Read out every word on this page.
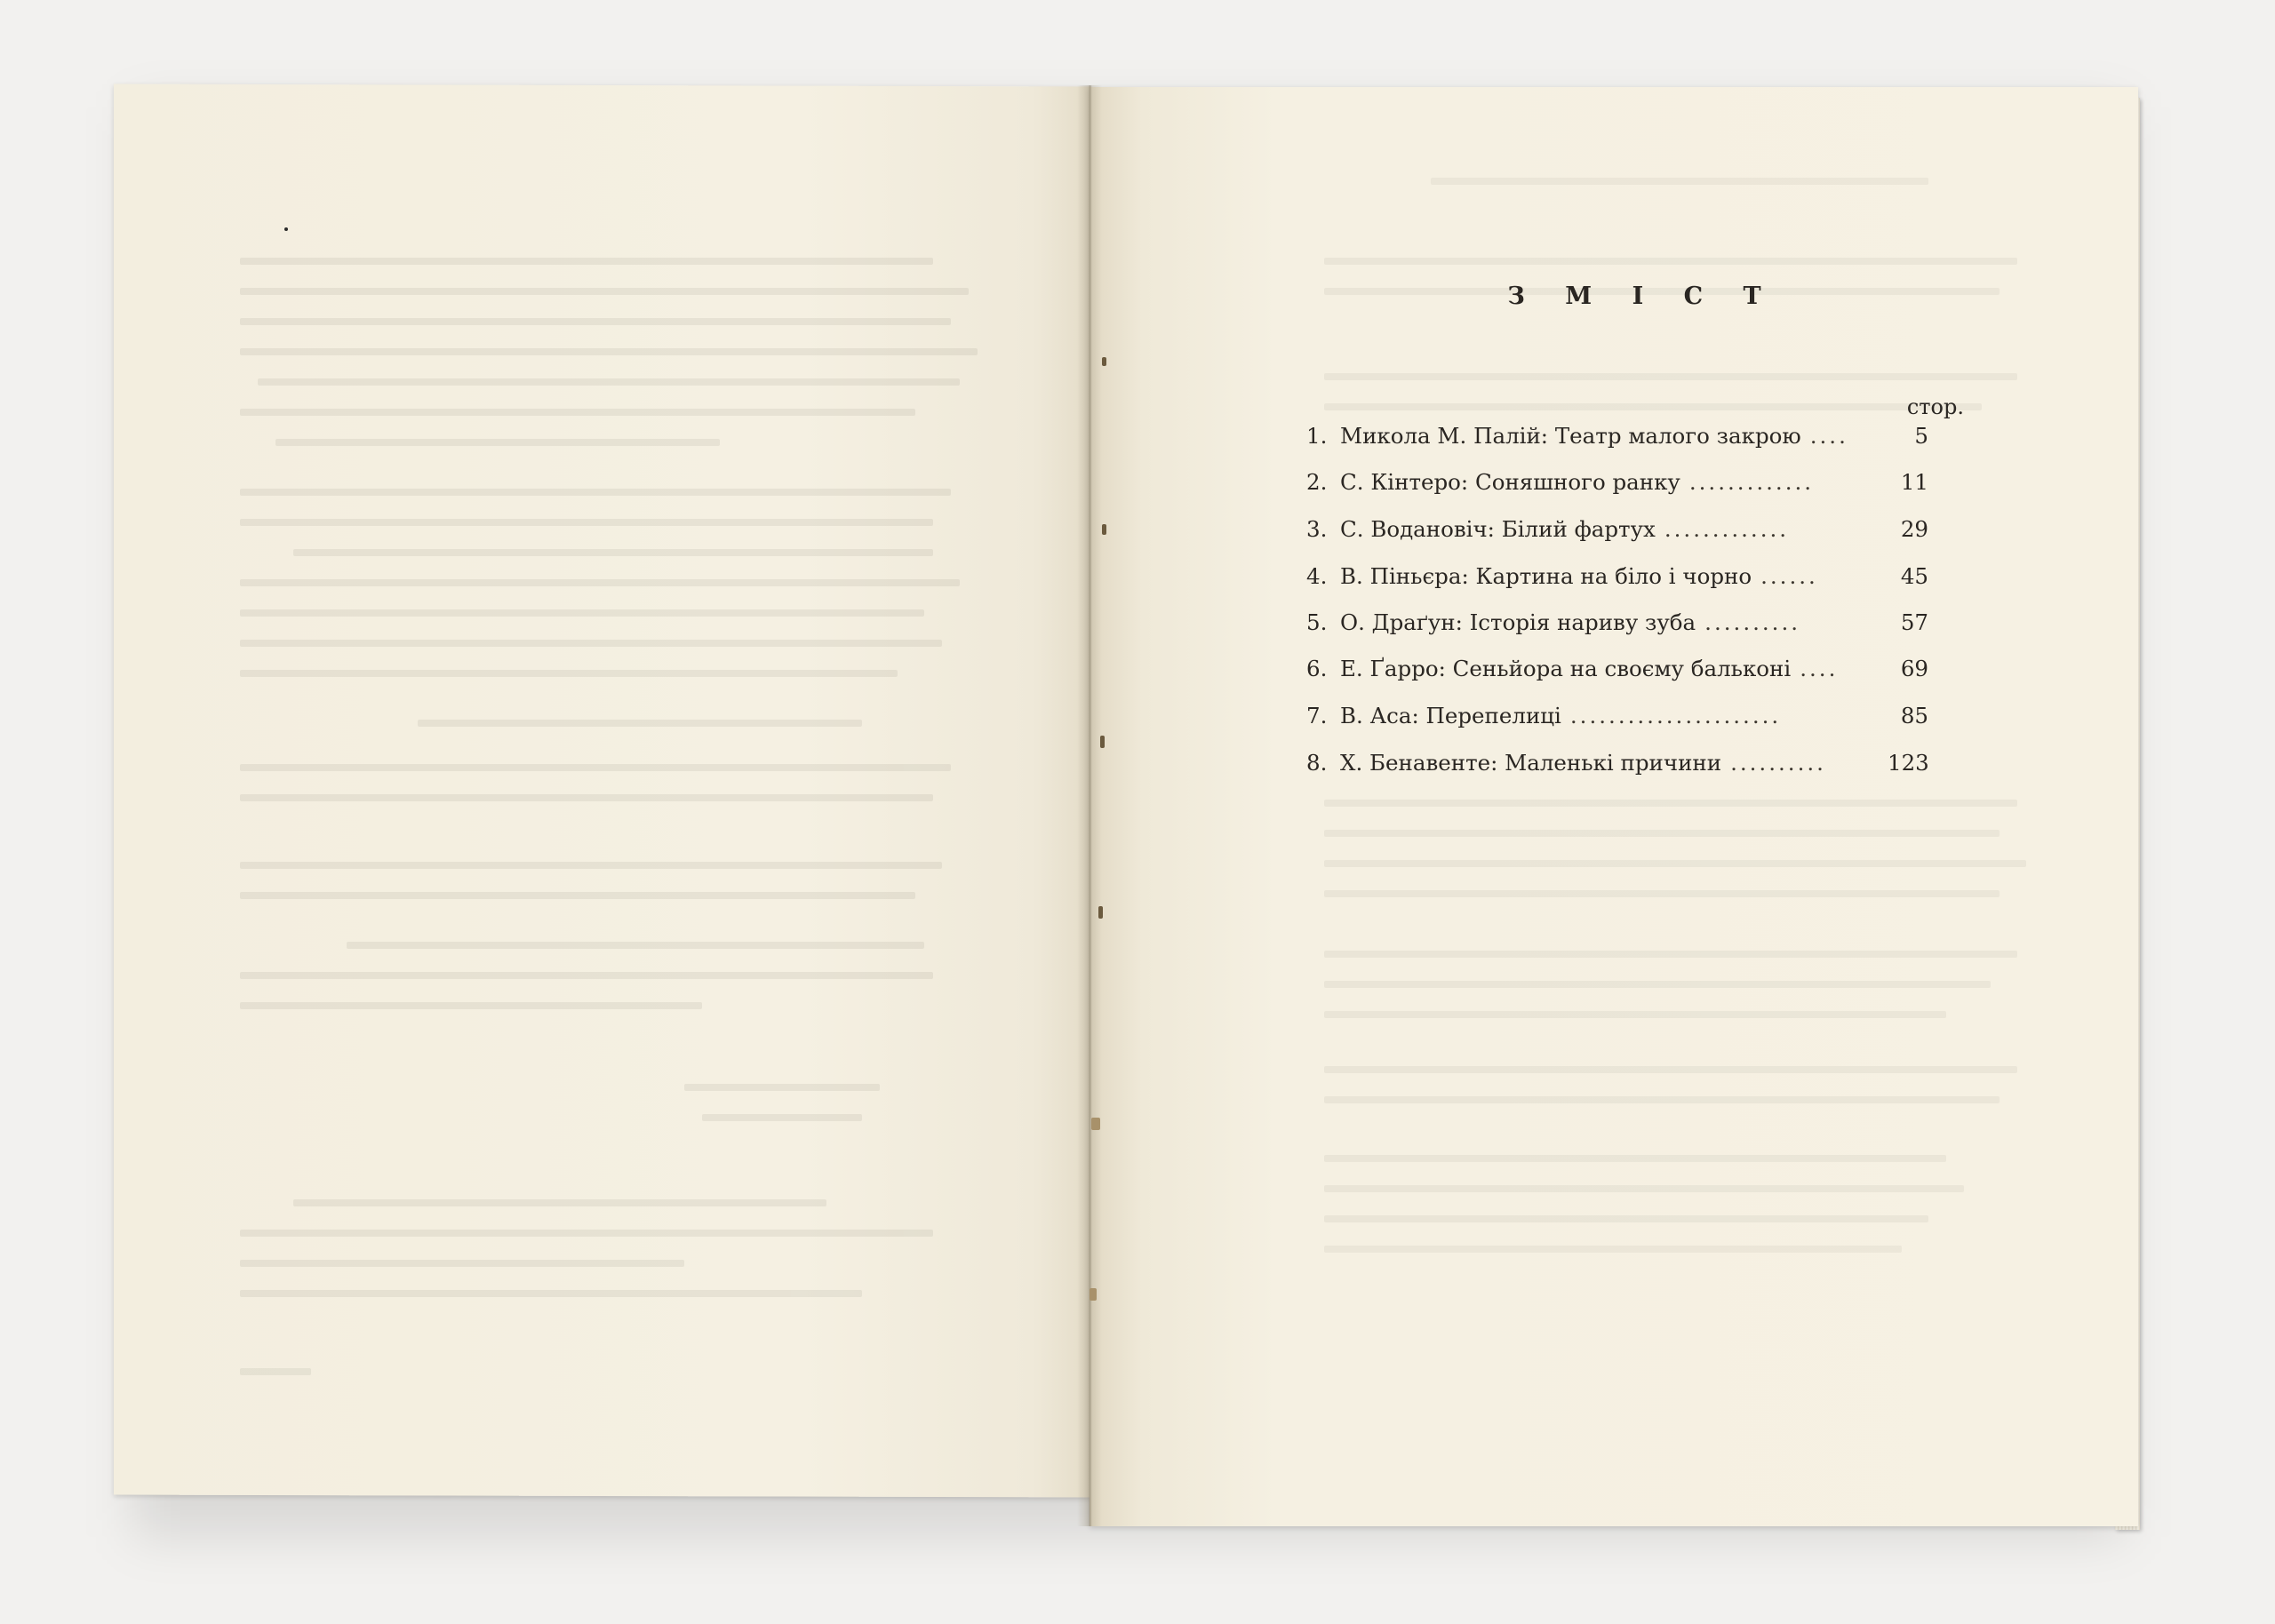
З М І С Т
стор.
1. Микола М. Палій: Театр малого закрою ....	5
2. С. Кінтеро: Соняшного ранку .............	11
3. С. Водановіч: Білий фартух .............	29
4. В. Піньєра: Картина на біло і чорно ......	45
5. О. Драґун: Історія нариву зуба ..........	57
6. Е. Ґарро: Сеньйора на своєму бальконі ....	69
7. В. Аса: Перепелиці ......................	85
8. Х. Бенавенте: Маленькі причини ..........	123
